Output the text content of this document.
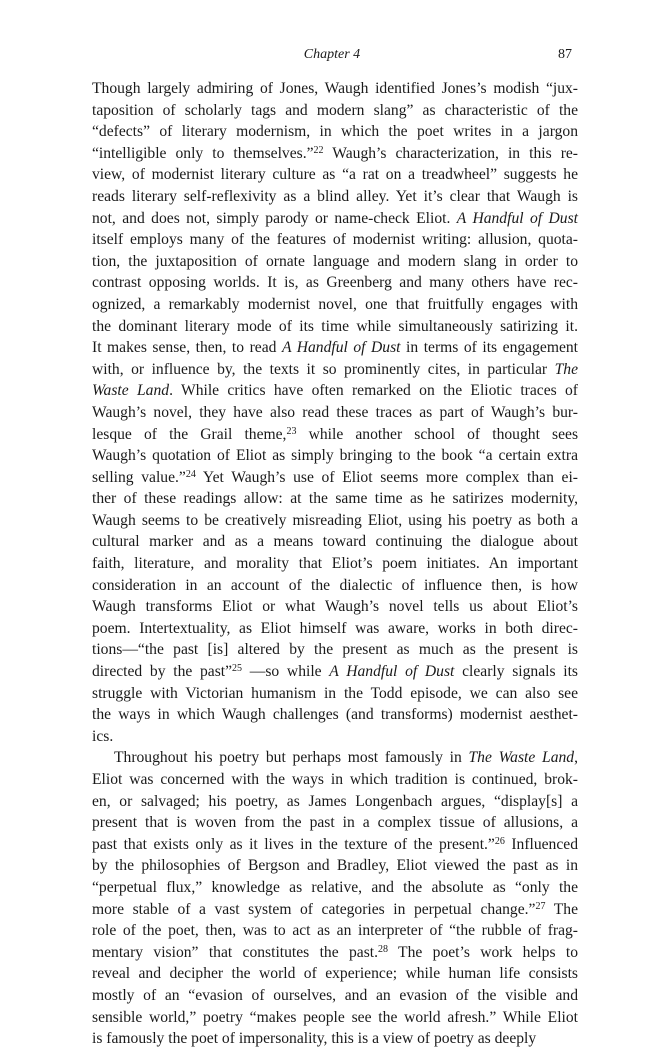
Chapter 4	87
Though largely admiring of Jones, Waugh identified Jones’s modish “jux-
taposition of scholarly tags and modern slang” as characteristic of the
“defects” of literary modernism, in which the poet writes in a jargon
“intelligible only to themselves.”$^{22}$ Waugh’s characterization, in this re-
view, of modernist literary culture as “a rat on a treadwheel” suggests he
reads literary self-reflexivity as a blind alley. Yet it’s clear that Waugh is
not, and does not, simply parody or name-check Eliot. A Handful of Dust
itself employs many of the features of modernist writing: allusion, quota-
tion, the juxtaposition of ornate language and modern slang in order to
contrast opposing worlds. It is, as Greenberg and many others have rec-
ognized, a remarkably modernist novel, one that fruitfully engages with
the dominant literary mode of its time while simultaneously satirizing it.
It makes sense, then, to read A Handful of Dust in terms of its engagement
with, or influence by, the texts it so prominently cites, in particular The
Waste Land. While critics have often remarked on the Eliotic traces of
Waugh’s novel, they have also read these traces as part of Waugh’s bur-
lesque of the Grail theme,$^{23}$ while another school of thought sees
Waugh’s quotation of Eliot as simply bringing to the book “a certain extra
selling value.”$^{24}$ Yet Waugh’s use of Eliot seems more complex than ei-
ther of these readings allow: at the same time as he satirizes modernity,
Waugh seems to be creatively misreading Eliot, using his poetry as both a
cultural marker and as a means toward continuing the dialogue about
faith, literature, and morality that Eliot’s poem initiates. An important
consideration in an account of the dialectic of influence then, is how
Waugh transforms Eliot or what Waugh’s novel tells us about Eliot’s
poem. Intertextuality, as Eliot himself was aware, works in both direc-
tions—“the past [is] altered by the present as much as the present is
directed by the past”$^{25}$ —so while A Handful of Dust clearly signals its
struggle with Victorian humanism in the Todd episode, we can also see
the ways in which Waugh challenges (and transforms) modernist aesthet-
ics.
Throughout his poetry but perhaps most famously in The Waste Land,
Eliot was concerned with the ways in which tradition is continued, brok-
en, or salvaged; his poetry, as James Longenbach argues, “display[s] a
present that is woven from the past in a complex tissue of allusions, a
past that exists only as it lives in the texture of the present.”$^{26}$ Influenced
by the philosophies of Bergson and Bradley, Eliot viewed the past as in
“perpetual flux,” knowledge as relative, and the absolute as “only the
more stable of a vast system of categories in perpetual change.”$^{27}$ The
role of the poet, then, was to act as an interpreter of “the rubble of frag-
mentary vision” that constitutes the past.$^{28}$ The poet’s work helps to
reveal and decipher the world of experience; while human life consists
mostly of an “evasion of ourselves, and an evasion of the visible and
sensible world,” poetry “makes people see the world afresh.” While Eliot
is famously the poet of impersonality, this is a view of poetry as deeply
